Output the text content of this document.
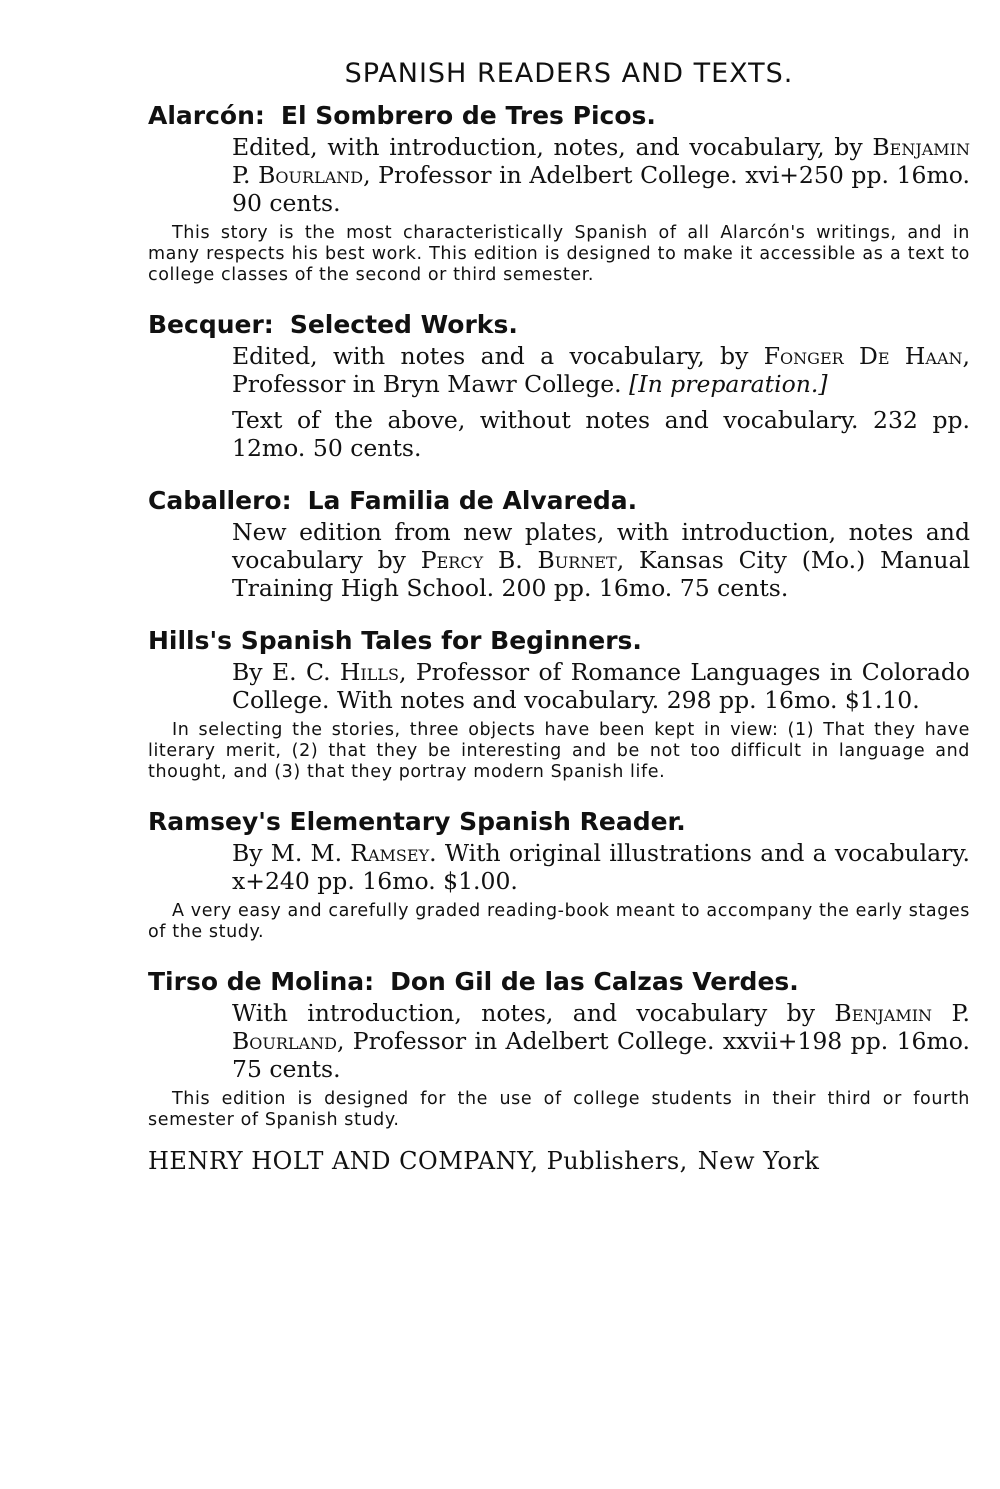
SPANISH READERS AND TEXTS.
Alarcón: El Sombrero de Tres Picos.

Edited, with introduction, notes, and vocabulary, by Benjamin P. Bourland, Professor in Adelbert College. xvi+250 pp. 16mo. 90 cents.

This story is the most characteristically Spanish of all Alarcón's writings, and in many respects his best work. This edition is designed to make it accessible as a text to college classes of the second or third semester.

Becquer: Selected Works.

Edited, with notes and a vocabulary, by Fonger De Haan, Professor in Bryn Mawr College. [In preparation.]

Text of the above, without notes and vocabulary. 232 pp. 12mo. 50 cents.

Caballero: La Familia de Alvareda.

New edition from new plates, with introduction, notes and vocabulary by Percy B. Burnet, Kansas City (Mo.) Manual Training High School. 200 pp. 16mo. 75 cents.

Hills's Spanish Tales for Beginners.

By E. C. Hills, Professor of Romance Languages in Colorado College. With notes and vocabulary. 298 pp. 16mo. $1.10.

In selecting the stories, three objects have been kept in view: (1) That they have literary merit, (2) that they be interesting and be not too difficult in language and thought, and (3) that they portray modern Spanish life.

Ramsey's Elementary Spanish Reader.

By M. M. Ramsey. With original illustrations and a vocabulary. x+240 pp. 16mo. $1.00.

A very easy and carefully graded reading-book meant to accompany the early stages of the study.

Tirso de Molina: Don Gil de las Calzas Verdes.

With introduction, notes, and vocabulary by Benjamin P. Bourland, Professor in Adelbert College. xxvii+198 pp. 16mo. 75 cents.

This edition is designed for the use of college students in their third or fourth semester of Spanish study.

HENRY HOLT AND COMPANY, Publishers, New York
